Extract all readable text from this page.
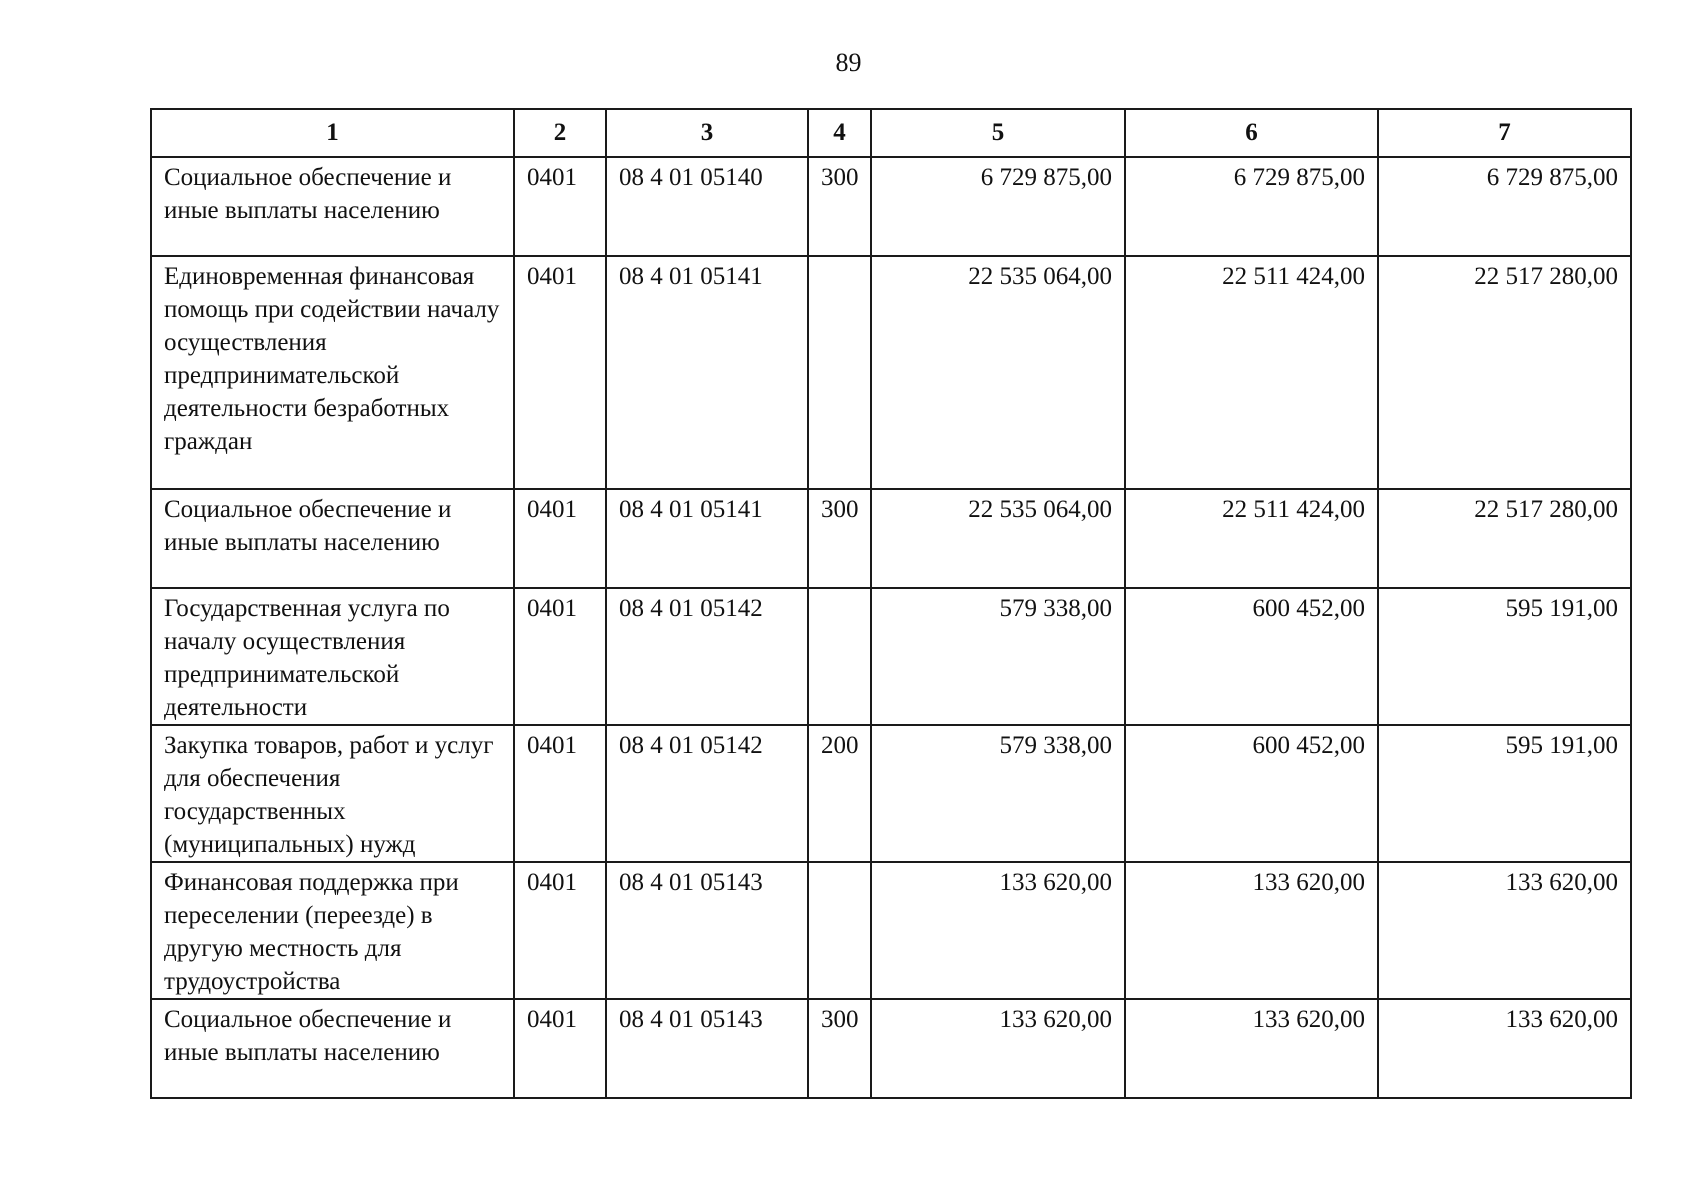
89
1	2	3	4	5	6	7
Социальное обеспечение и иные выплаты населению	0401	08 4 01 05140	300	6 729 875,00	6 729 875,00	6 729 875,00
Единовременная финансовая помощь при содействии началу осуществления предпринимательской деятельности безработных граждан	0401	08 4 01 05141		22 535 064,00	22 511 424,00	22 517 280,00
Социальное обеспечение и иные выплаты населению	0401	08 4 01 05141	300	22 535 064,00	22 511 424,00	22 517 280,00
Государственная услуга по началу осуществления предпринимательской деятельности	0401	08 4 01 05142		579 338,00	600 452,00	595 191,00
Закупка товаров, работ и услуг для обеспечения государственных (муниципальных) нужд	0401	08 4 01 05142	200	579 338,00	600 452,00	595 191,00
Финансовая поддержка при переселении (переезде) в другую местность для трудоустройства	0401	08 4 01 05143		133 620,00	133 620,00	133 620,00
Социальное обеспечение и иные выплаты населению	0401	08 4 01 05143	300	133 620,00	133 620,00	133 620,00
